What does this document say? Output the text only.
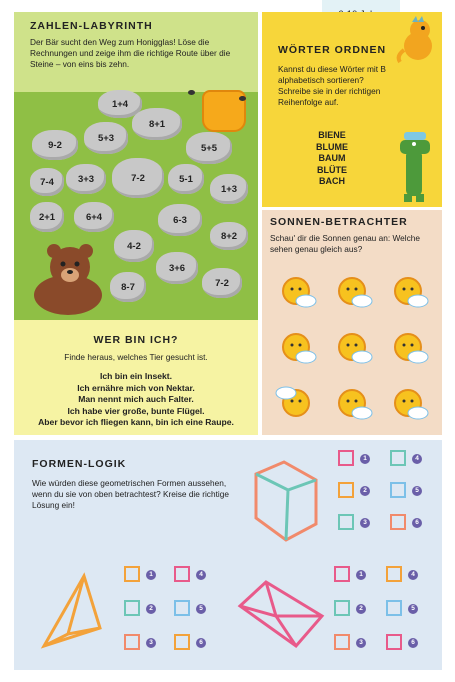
ZAHLEN-LABYRINTH
Der Bär sucht den Weg zum Honigglas! Löse die Rechnungen und zeige ihm die richtige Route über die Steine – von eins bis zehn.
1+4
8+1
9-2
5+3
5+5
7-4	3+3	7-2	5-1
1+3
2+1	6+4	6-3
4-2
8+2
3+6
8-7	7-2
WÖRTER ORDNEN
Kannst du diese Wörter mit B alphabetisch sortieren? Schreibe sie in der richtigen Reihenfolge auf.
BIENE
BLUME
BAUM
BLÜTE
BACH
SONNEN-BETRACHTER
Schau' dir die Sonnen genau an: Welche sehen genau gleich aus?
WER BIN ICH?
Finde heraus, welches Tier gesucht ist.
Ich bin ein Insekt.
Ich ernähre mich von Nektar.
Man nennt mich auch Falter.
Ich habe vier große, bunte Flügel.
Aber bevor ich fliegen kann, bin ich eine Raupe.
FORMEN-LOGIK
Wie würden diese geometrischen Formen aussehen, wenn du sie von oben betrachtest? Kreise die richtige Lösung ein!
1	4
2	5
3	6
1	4
2	5
3	6
1	4
2	5
3	6
